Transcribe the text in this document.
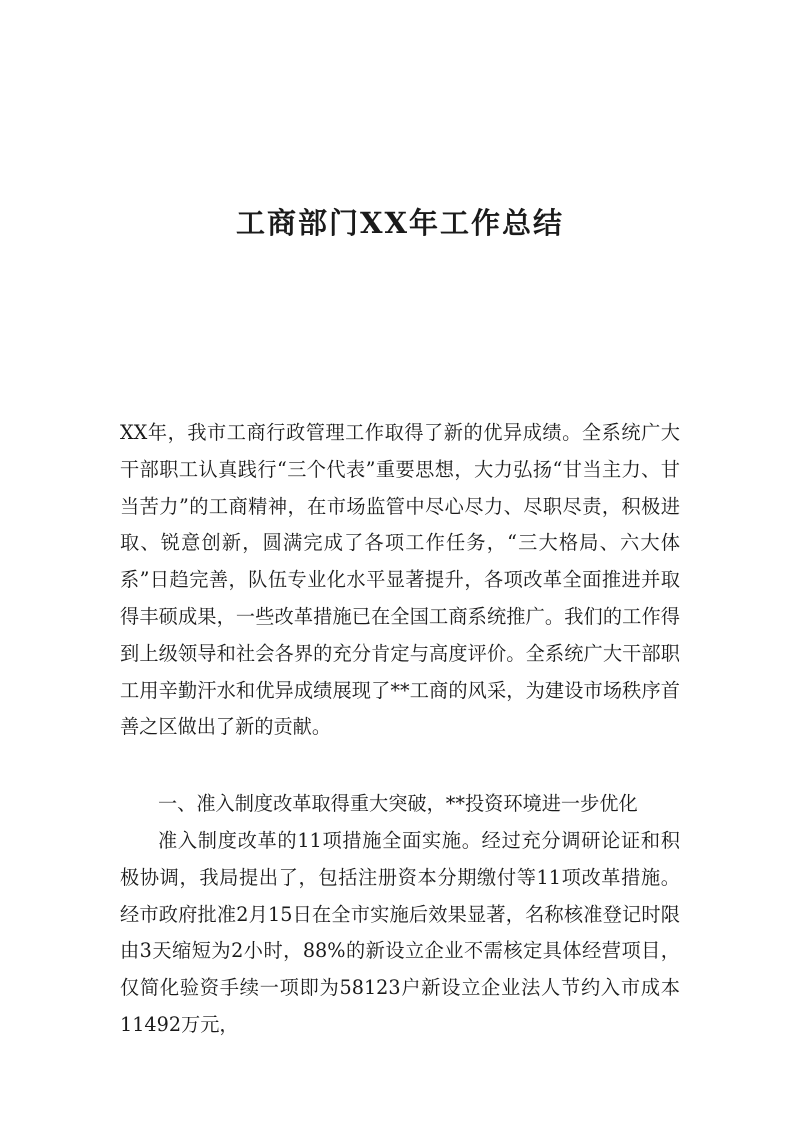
工商部门XX年工作总结

XX年，我市工商行政管理工作取得了新的优异成绩。全系统广大干部职工认真践行“三个代表”重要思想，大力弘扬“甘当主力、甘当苦力”的工商精神，在市场监管中尽心尽力、尽职尽责，积极进取、锐意创新，圆满完成了各项工作任务，“三大格局、六大体系”日趋完善，队伍专业化水平显著提升，各项改革全面推进并取得丰硕成果，一些改革措施已在全国工商系统推广。我们的工作得到上级领导和社会各界的充分肯定与高度评价。全系统广大干部职工用辛勤汗水和优异成绩展现了**工商的风采，为建设市场秩序首善之区做出了新的贡献。

一、准入制度改革取得重大突破，**投资环境进一步优化

准入制度改革的11项措施全面实施。经过充分调研论证和积极协调，我局提出了，包括注册资本分期缴付等11项改革措施。经市政府批准2月15日在全市实施后效果显著，名称核准登记时限由3天缩短为2小时，88%的新设立企业不需核定具体经营项目，仅简化验资手续一项即为58123户新设立企业法人节约入市成本11492万元，
